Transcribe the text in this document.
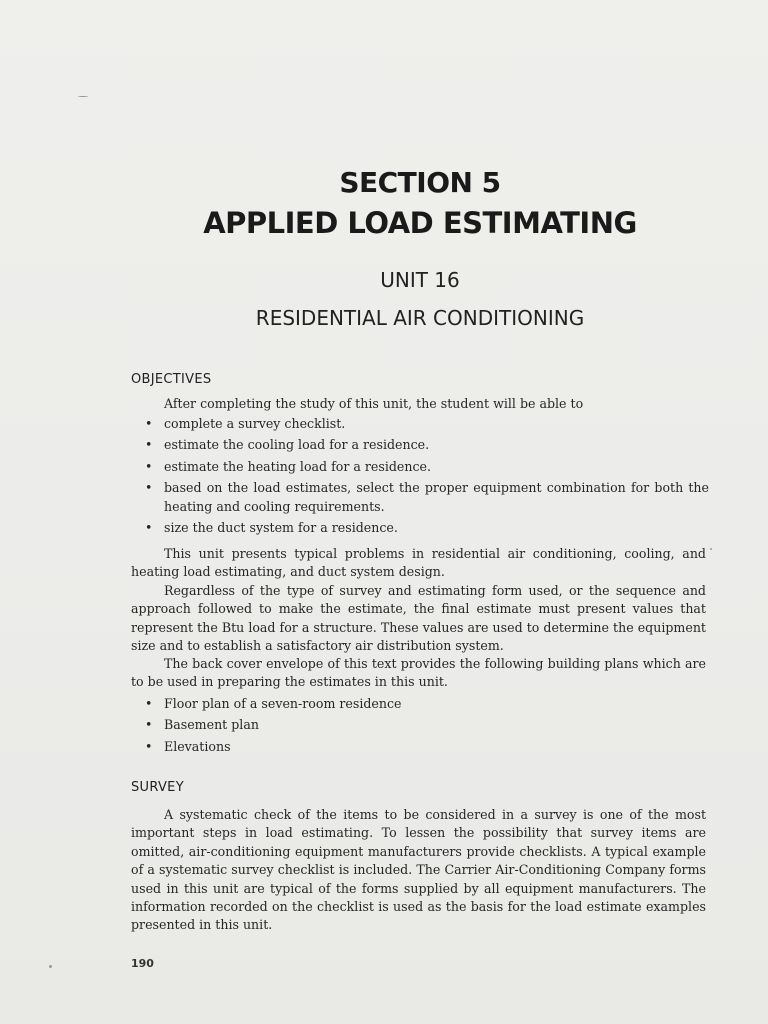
SECTION 5
APPLIED LOAD ESTIMATING
UNIT 16
RESIDENTIAL AIR CONDITIONING
OBJECTIVES
After completing the study of this unit, the student will be able to
• complete a survey checklist.
• estimate the cooling load for a residence.
• estimate the heating load for a residence.
• based on the load estimates, select the proper equipment combination for both the heating and cooling requirements.
• size the duct system for a residence.

This unit presents typical problems in residential air conditioning, cooling, and heating load estimating, and duct system design.

Regardless of the type of survey and estimating form used, or the sequence and approach followed to make the estimate, the final estimate must present values that represent the Btu load for a structure. These values are used to determine the equipment size and to establish a satisfactory air distribution system.

The back cover envelope of this text provides the following building plans which are to be used in preparing the estimates in this unit.

• Floor plan of a seven-room residence
• Basement plan
• Elevations
SURVEY

A systematic check of the items to be considered in a survey is one of the most important steps in load estimating. To lessen the possibility that survey items are omitted, air-conditioning equipment manufacturers provide checklists. A typical example of a systematic survey checklist is included. The Carrier Air-Conditioning Company forms used in this unit are typical of the forms supplied by all equipment manufacturers. The information recorded on the checklist is used as the basis for the load estimate examples presented in this unit.

190
